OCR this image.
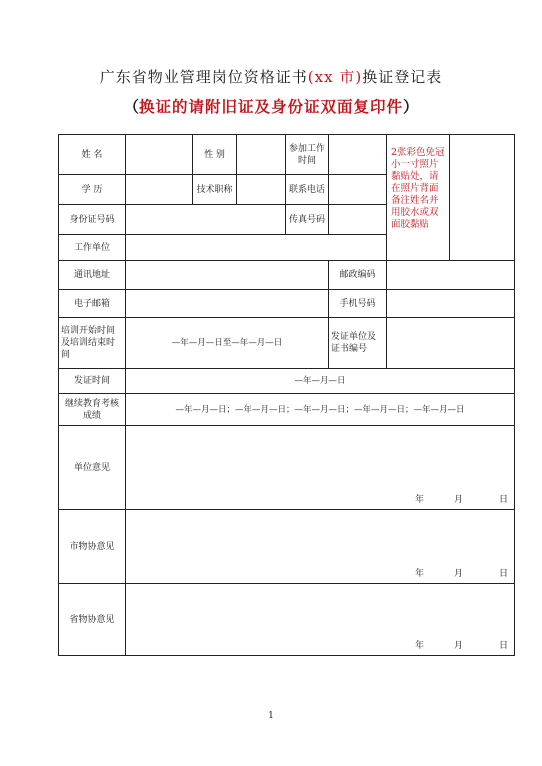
广东省物业管理岗位资格证书(xx 市)换证登记表
（换证的请附旧证及身份证双面复印件）
姓 名		性 别		参加工作时间		2张彩色免冠小一寸照片黏贴处，请在照片背面备注姓名并用胶水或双面胶黏贴	
学 历		技术职称		联系电话			
身份证号码				传真号码			
工作单位							
通讯地址					邮政编码		
电子邮箱					手机号码		
培训开始时间及培训结束时间	—年—月—日至—年—月—日				发证单位及证书编号		
发证时间	—年—月—日						
继续教育考核成绩	—年—月—日；—年—月—日；—年—月—日；—年—月—日；—年—月—日						
单位意见	年 月 日						

市物协意见	年 月 日						

省物协意见	年 月 日						
1
